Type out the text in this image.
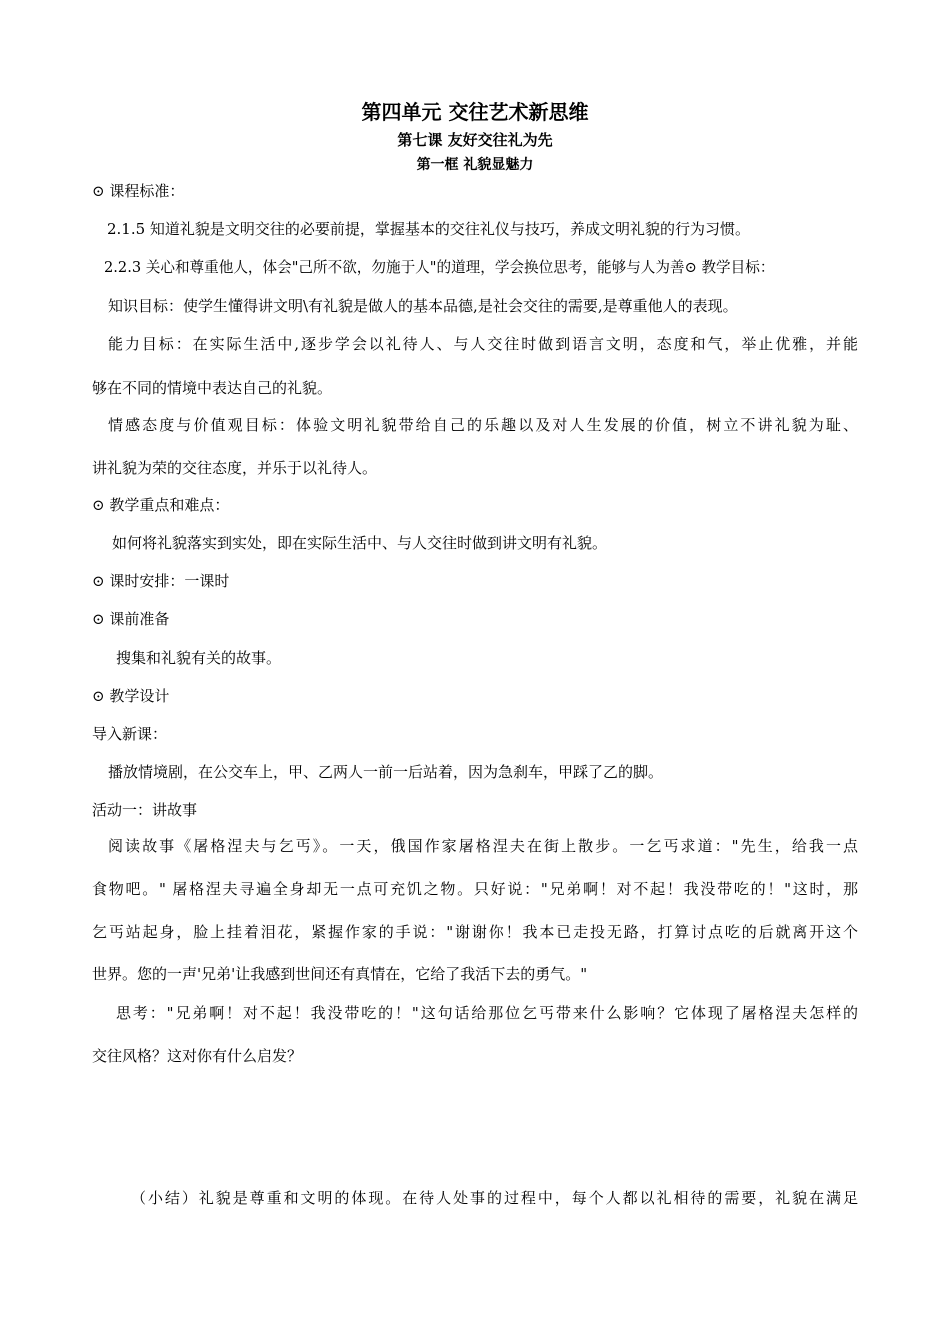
第四单元 交往艺术新思维
第七课 友好交往礼为先
第一框 礼貌显魅力
⊙ 课程标准：
2.1.5 知道礼貌是文明交往的必要前提，掌握基本的交往礼仪与技巧，养成文明礼貌的行为习惯。
2.2.3 关心和尊重他人，体会"己所不欲，勿施于人"的道理，学会换位思考，能够与人为善⊙ 教学目标：
知识目标：使学生懂得讲文明\有礼貌是做人的基本品德,是社会交往的需要,是尊重他人的表现。
能力目标：在实际生活中,逐步学会以礼待人、与人交往时做到语言文明，态度和气，举止优雅，并能
够在不同的情境中表达自己的礼貌。
情感态度与价值观目标：体验文明礼貌带给自己的乐趣以及对人生发展的价值，树立不讲礼貌为耻、
讲礼貌为荣的交往态度，并乐于以礼待人。
⊙ 教学重点和难点：
如何将礼貌落实到实处，即在实际生活中、与人交往时做到讲文明有礼貌。
⊙ 课时安排：一课时
⊙ 课前准备
搜集和礼貌有关的故事。
⊙ 教学设计
导入新课：
播放情境剧，在公交车上，甲、乙两人一前一后站着，因为急刹车，甲踩了乙的脚。
活动一：讲故事
阅读故事《屠格涅夫与乞丐》。一天，俄国作家屠格涅夫在街上散步。一乞丐求道："先生，给我一点
食物吧。" 屠格涅夫寻遍全身却无一点可充饥之物。只好说："兄弟啊！对不起！我没带吃的！"这时，那
乞丐站起身，脸上挂着泪花，紧握作家的手说："谢谢你！我本已走投无路，打算讨点吃的后就离开这个
世界。您的一声'兄弟'让我感到世间还有真情在，它给了我活下去的勇气。"
思考："兄弟啊！对不起！我没带吃的！"这句话给那位乞丐带来什么影响？它体现了屠格涅夫怎样的
交往风格？这对你有什么启发？
（小结）礼貌是尊重和文明的体现。在待人处事的过程中，每个人都以礼相待的需要，礼貌在满足
